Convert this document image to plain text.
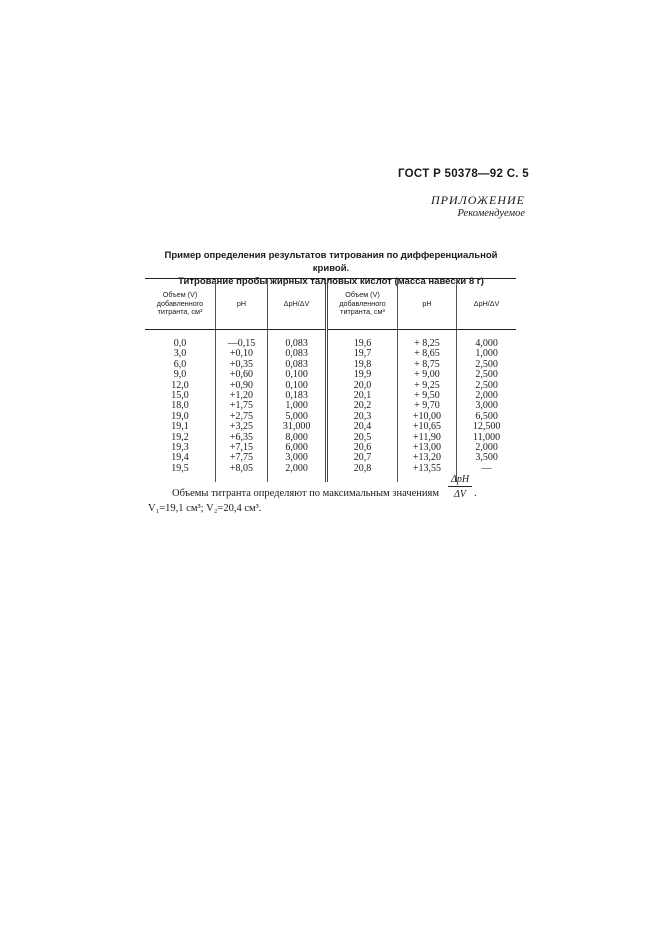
ГОСТ Р 50378—92 С. 5
ПРИЛОЖЕНИЕ
Рекомендуемое
Пример определения результатов титрования по дифференциальной кривой.
Титрование пробы жирных талловых кислот (масса навески 8 г)
Объем (V) добавленного титранта, см³	pH	ΔpH/ΔV	Объем (V) добавленного титранта, см³	pH	ΔpH/ΔV
0,0	—0,15	0,083	19,6	+ 8,25	4,000
3,0	+0,10	0,083	19,7	+ 8,65	1,000
6,0	+0,35	0,083	19,8	+ 8,75	2,500
9,0	+0,60	0,100	19,9	+ 9,00	2,500
12,0	+0,90	0,100	20,0	+ 9,25	2,500
15,0	+1,20	0,183	20,1	+ 9,50	2,000
18,0	+1,75	1,000	20,2	+ 9,70	3,000
19,0	+2,75	5,000	20,3	+10,00	6,500
19,1	+3,25	31,000	20,4	+10,65	12,500
19,2	+6,35	8,000	20,5	+11,90	11,000
19,3	+7,15	6,000	20,6	+13,00	2,000
19,4	+7,75	3,000	20,7	+13,20	3,500
19,5	+8,05	2,000	20,8	+13,55	—
Объемы титранта определяют по максимальным значениям
ΔpH
ΔV .
V₁=19,1 см³; V₂=20,4 см³.
